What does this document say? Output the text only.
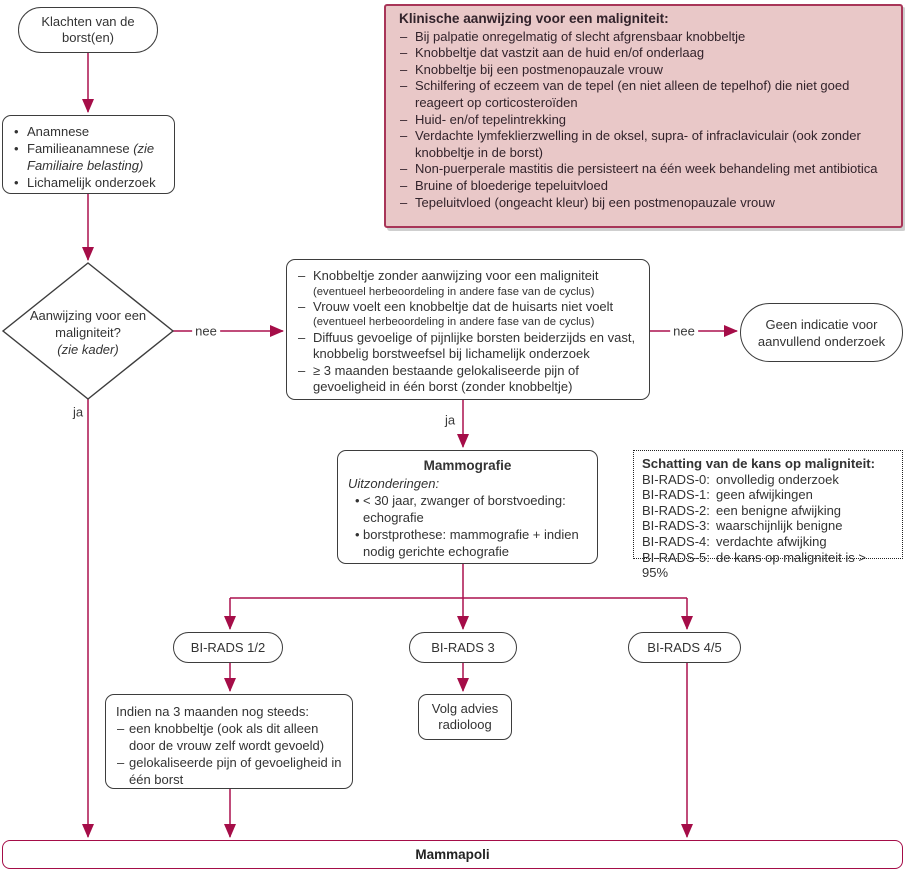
Klachten van de borst(en)
• Anamnese
• Familieanamnese (zie Familiaire belasting)
• Lichamelijk onderzoek
Klinische aanwijzing voor een maligniteit:
– Bij palpatie onregelmatig of slecht afgrensbaar knobbeltje
– Knobbeltje dat vastzit aan de huid en/of onderlaag
– Knobbeltje bij een postmenopauzale vrouw
– Schilfering of eczeem van de tepel (en niet alleen de tepelhof) die niet goed reageert op corticosteroïden
– Huid- en/of tepelintrekking
– Verdachte lymfeklierzwelling in de oksel, supra- of infraclaviculair (ook zonder knobbeltje in de borst)
– Non-puerperale mastitis die persisteert na één week behandeling met antibiotica
– Bruine of bloederige tepeluitvloed
– Tepeluitvloed (ongeacht kleur) bij een postmenopauzale vrouw
Aanwijzing voor een maligniteit?
(zie kader)
– Knobbeltje zonder aanwijzing voor een maligniteit
(eventueel herbeoordeling in andere fase van de cyclus)
– Vrouw voelt een knobbeltje dat de huisarts niet voelt
(eventueel herbeoordeling in andere fase van de cyclus)
– Diffuus gevoelige of pijnlijke borsten beiderzijds en vast, knobbelig borstweefsel bij lichamelijk onderzoek
– ≥ 3 maanden bestaande gelokaliseerde pijn of gevoeligheid in één borst (zonder knobbeltje)
Geen indicatie voor aanvullend onderzoek
Mammografie
Uitzonderingen:
• < 30 jaar, zwanger of borstvoeding: echografie
• borstprothese: mammografie + indien nodig gerichte echografie
Schatting van de kans op maligniteit:
BI-RADS-0: onvolledig onderzoek
BI-RADS-1: geen afwijkingen
BI-RADS-2: een benigne afwijking
BI-RADS-3: waarschijnlijk benigne
BI-RADS-4: verdachte afwijking
BI-RADS-5: de kans op maligniteit is > 95%
BI-RADS 1/2	BI-RADS 3	BI-RADS 4/5
Indien na 3 maanden nog steeds:
– een knobbeltje (ook als dit alleen door de vrouw zelf wordt gevoeld)
– gelokaliseerde pijn of gevoeligheid in één borst
Volg advies radioloog
Mammapoli
nee	nee
ja
ja
